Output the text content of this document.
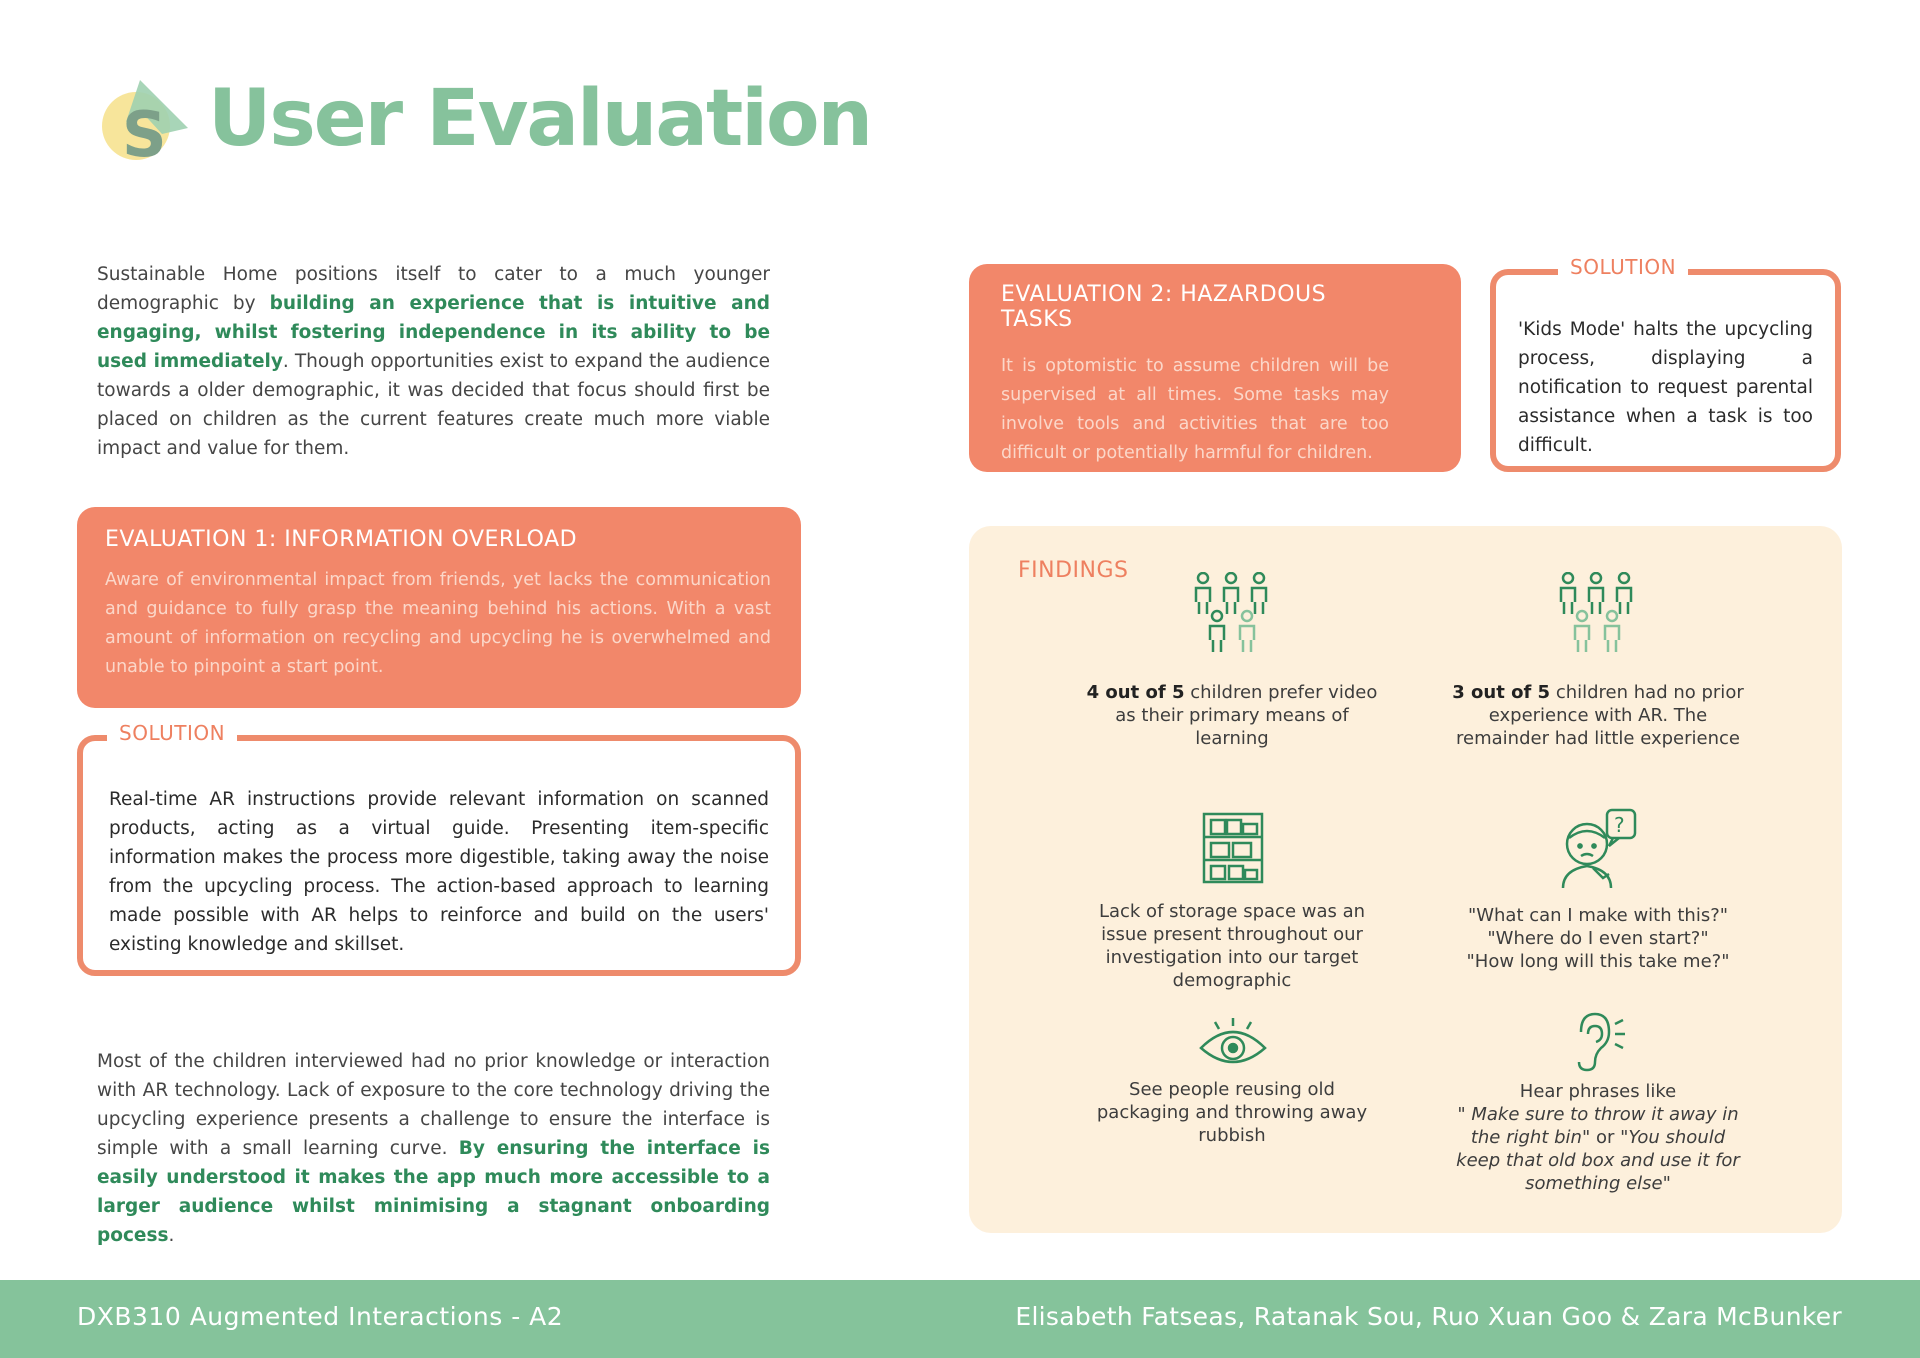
S User Evaluation

Sustainable Home positions itself to cater to a much younger demographic by building an experience that is intuitive and engaging, whilst fostering independence in its ability to be used immediately. Though opportunities exist to expand the audience towards a older demographic, it was decided that focus should first be placed on children as the current features create much more viable impact and value for them.

EVALUATION 1: INFORMATION OVERLOAD

Aware of environmental impact from friends, yet lacks the communication and guidance to fully grasp the meaning behind his actions. With a vast amount of information on recycling and upcycling he is overwhelmed and unable to pinpoint a start point.

SOLUTION

Real-time AR instructions provide relevant information on scanned products, acting as a virtual guide. Presenting item-specific information makes the process more digestible, taking away the noise from the upcycling process. The action-based approach to learning made possible with AR helps to reinforce and build on the users' existing knowledge and skillset.

Most of the children interviewed had no prior knowledge or interaction with AR technology. Lack of exposure to the core technology driving the upcycling experience presents a challenge to ensure the interface is simple with a small learning curve. By ensuring the interface is easily understood it makes the app much more accessible to a larger audience whilst minimising a stagnant onboarding pocess.

EVALUATION 2: HAZARDOUS TASKS

It is optomistic to assume children will be supervised at all times. Some tasks may involve tools and activities that are too difficult or potentially harmful for children.

SOLUTION

'Kids Mode' halts the upcycling process, displaying a notification to request parental assistance when a task is too difficult.

FINDINGS
4 out of 5 children prefer video as their primary means of learning
3 out of 5 children had no prior experience with AR. The remainder had little experience
Lack of storage space was an issue present throughout our investigation into our target demographic
?
"What can I make with this?"
"Where do I even start?"
"How long will this take me?"
See people reusing old packaging and throwing away rubbish
Hear phrases like
" Make sure to throw it away in the right bin" or "You should keep that old box and use it for something else"
DXB310 Augmented Interactions - A2	Elisabeth Fatseas, Ratanak Sou, Ruo Xuan Goo & Zara McBunker
